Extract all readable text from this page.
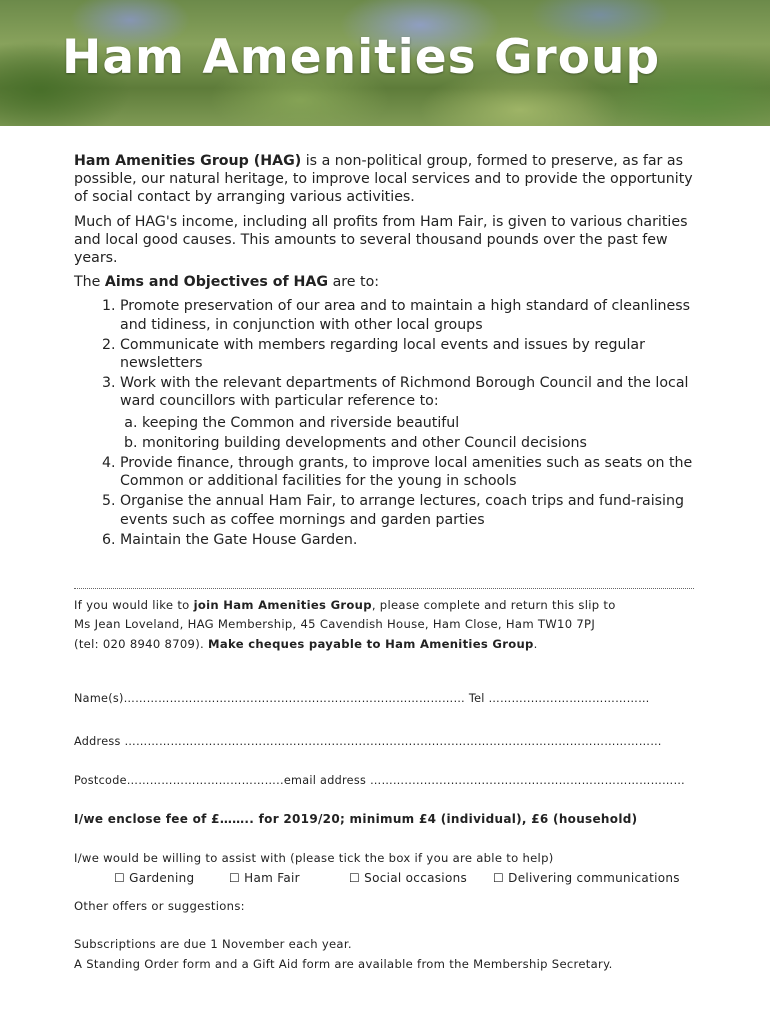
Ham Amenities Group

Ham Amenities Group (HAG) is a non-political group, formed to preserve, as far as possible, our natural heritage, to improve local services and to provide the opportunity of social contact by arranging various activities.

Much of HAG's income, including all profits from Ham Fair, is given to various charities and local good causes. This amounts to several thousand pounds over the past few years.

The Aims and Objectives of HAG are to:

1. Promote preservation of our area and to maintain a high standard of cleanliness and tidiness, in conjunction with other local groups
2. Communicate with members regarding local events and issues by regular newsletters
3. Work with the relevant departments of Richmond Borough Council and the local ward councillors with particular reference to:
a. keeping the Common and riverside beautiful
b. monitoring building developments and other Council decisions
4. Provide finance, through grants, to improve local amenities such as seats on the Common or additional facilities for the young in schools
5. Organise the annual Ham Fair, to arrange lectures, coach trips and fund-raising events such as coffee mornings and garden parties
6. Maintain the Gate House Garden.
If you would like to join Ham Amenities Group, please complete and return this slip to
Ms Jean Loveland, HAG Membership, 45 Cavendish House, Ham Close, Ham TW10 7PJ
(tel: 020 8940 8709). Make cheques payable to Ham Amenities Group.
Name(s)…………………………....................………………………………… Tel ……….........……………………
Address ……………………………………….........................................………………………………………………
Postcode…………………………………..email address ………........................................……………………………
I/we enclose fee of £…….. for 2019/20; minimum £4 (individual), £6 (household)
I/we would be willing to assist with (please tick the box if you are able to help)
☐ Gardening	☐ Ham Fair	☐ Social occasions ☐ Delivering communications
Other offers or suggestions:
Subscriptions are due 1 November each year.
A Standing Order form and a Gift Aid form are available from the Membership Secretary.
